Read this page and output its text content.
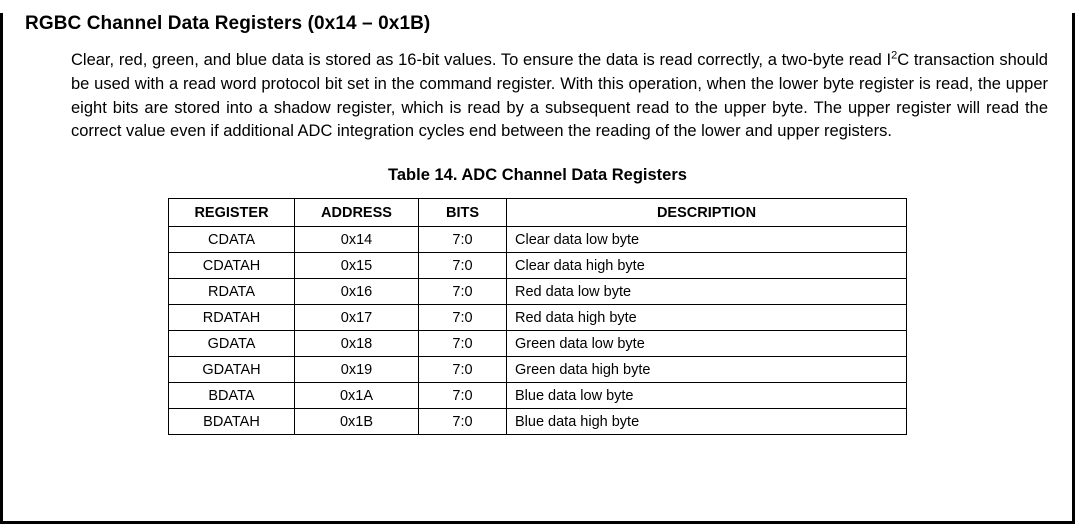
RGBC Channel Data Registers (0x14 – 0x1B)

Clear, red, green, and blue data is stored as 16-bit values. To ensure the data is read correctly, a two-byte read $I^2C$ transaction should be used with a read word protocol bit set in the command register. With this operation, when the lower byte register is read, the upper eight bits are stored into a shadow register, which is read by a subsequent read to the upper byte. The upper register will read the correct value even if additional ADC integration cycles end between the reading of the lower and upper registers.

Table 14. ADC Channel Data Registers
REGISTER	ADDRESS	BITS	DESCRIPTION
CDATA	0x14	7:0	Clear data low byte
CDATAH	0x15	7:0	Clear data high byte
RDATA	0x16	7:0	Red data low byte
RDATAH	0x17	7:0	Red data high byte
GDATA	0x18	7:0	Green data low byte
GDATAH	0x19	7:0	Green data high byte
BDATA	0x1A	7:0	Blue data low byte
BDATAH	0x1B	7:0	Blue data high byte
